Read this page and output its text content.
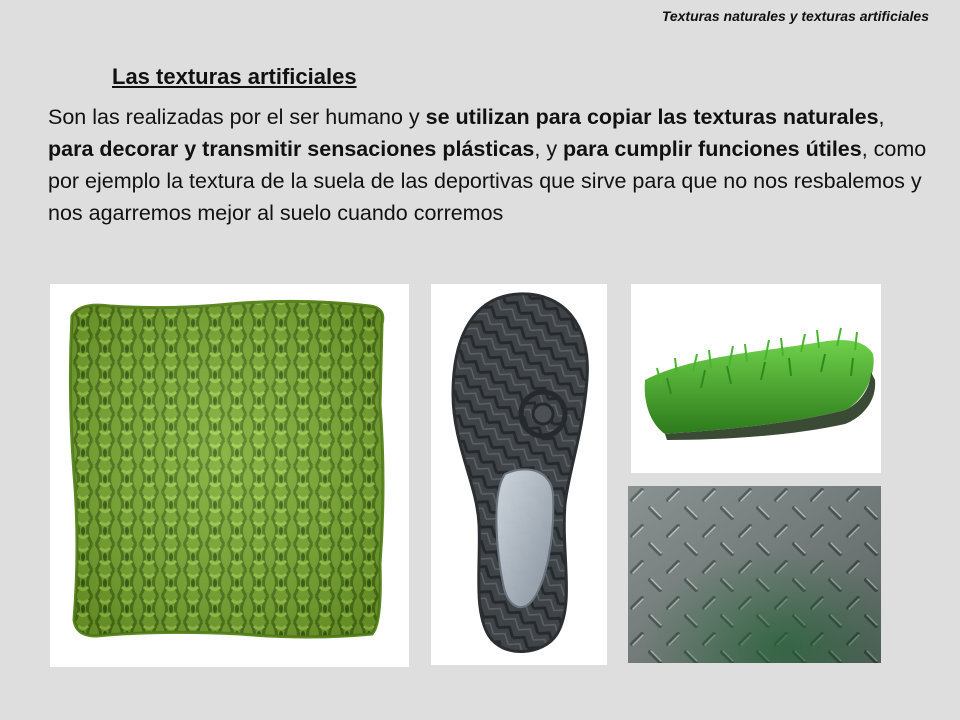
Texturas naturales y texturas artificiales
Las texturas artificiales
Son las realizadas por el ser humano y se utilizan para copiar las texturas naturales, para decorar y transmitir sensaciones plásticas, y para cumplir funciones útiles, como por ejemplo la textura de la suela de las deportivas que sirve para que no nos resbalemos y nos agarremos mejor al suelo cuando corremos
